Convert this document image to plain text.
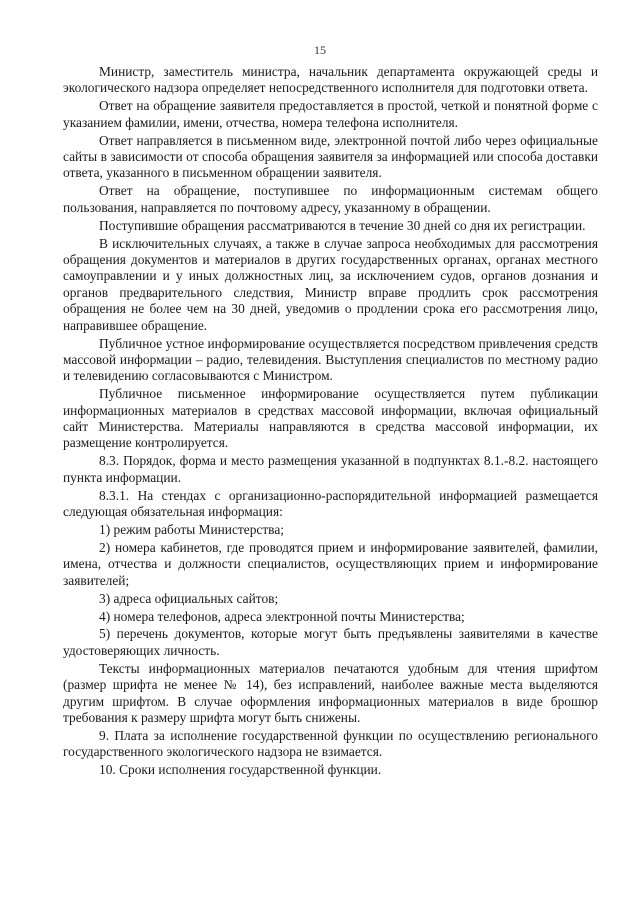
15

Министр, заместитель министра, начальник департамента окружающей среды и экологического надзора определяет непосредственного исполнителя для подготовки ответа.

Ответ на обращение заявителя предоставляется в простой, четкой и понятной форме с указанием фамилии, имени, отчества, номера телефона исполнителя.

Ответ направляется в письменном виде, электронной почтой либо через официальные сайты в зависимости от способа обращения заявителя за информацией или способа доставки ответа, указанного в письменном обращении заявителя.

Ответ на обращение, поступившее по информационным системам общего пользования, направляется по почтовому адресу, указанному в обращении.

Поступившие обращения рассматриваются в течение 30 дней со дня их регистрации.

В исключительных случаях, а также в случае запроса необходимых для рассмотрения обращения документов и материалов в других государственных органах, органах местного самоуправлении и у иных должностных лиц, за исключением судов, органов дознания и органов предварительного следствия, Министр вправе продлить срок рассмотрения обращения не более чем на 30 дней, уведомив о продлении срока его рассмотрения лицо, направившее обращение.

Публичное устное информирование осуществляется посредством привлечения средств массовой информации – радио, телевидения. Выступления специалистов по местному радио и телевидению согласовываются с Министром.

Публичное письменное информирование осуществляется путем публикации информационных материалов в средствах массовой информации, включая официальный сайт Министерства. Материалы направляются в средства массовой информации, их размещение контролируется.

8.3. Порядок, форма и место размещения указанной в подпунктах 8.1.-8.2. настоящего пункта информации.

8.3.1. На стендах с организационно-распорядительной информацией размещается следующая обязательная информация:

1) режим работы Министерства;

2) номера кабинетов, где проводятся прием и информирование заявителей, фамилии, имена, отчества и должности специалистов, осуществляющих прием и информирование заявителей;

3) адреса официальных сайтов;

4) номера телефонов, адреса электронной почты Министерства;

5) перечень документов, которые могут быть предъявлены заявителями в качестве удостоверяющих личность.

Тексты информационных материалов печатаются удобным для чтения шрифтом (размер шрифта не менее № 14), без исправлений, наиболее важные места выделяются другим шрифтом. В случае оформления информационных материалов в виде брошюр требования к размеру шрифта могут быть снижены.

9. Плата за исполнение государственной функции по осуществлению регионального государственного экологического надзора не взимается.

10. Сроки исполнения государственной функции.
